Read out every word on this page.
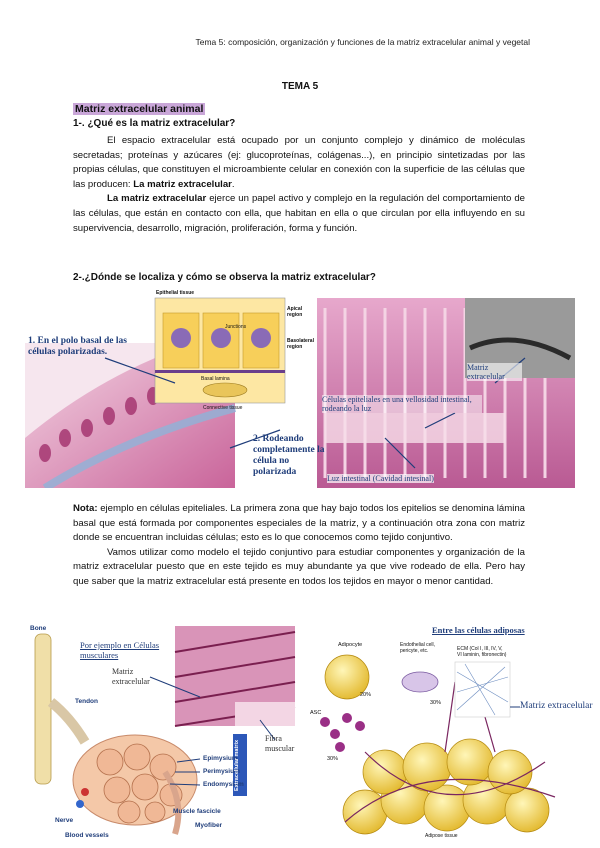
Tema 5: composición, organización y funciones de la matriz extracelular animal y vegetal
TEMA 5
Matriz extracelular animal
1-. ¿Qué es la matriz extracelular?

El espacio extracelular está ocupado por un conjunto complejo y dinámico de moléculas secretadas; proteínas y azúcares (ej: glucoproteínas, colágenas...), en principio sintetizadas por las propias células, que constituyen el microambiente celular en conexión con la superficie de las células que las producen: La matriz extracelular.

La matriz extracelular ejerce un papel activo y complejo en la regulación del comportamiento de las células, que están en contacto con ella, que habitan en ella o que circulan por ella influyendo en su supervivencia, desarrollo, migración, proliferación, forma y función.

2-.¿Dónde se localiza y cómo se observa la matriz extracelular?
1. En el polo basal de las células polarizadas.
2. Rodeando completamente la célula no polarizada
Epithelial tissue
Apical region
Junctions
Basolateral region
Basal lamina
Connective tissue
Matriz extracelular
Células epiteliales en una vellosidad intestinal, rodeando la luz
Luz intestinal (Cavidad intesinal)

Nota: ejemplo en células epiteliales. La primera zona que hay bajo todos los epitelios se denomina lámina basal que está formada por componentes especiales de la matriz, y a continuación otra zona con matriz donde se encuentran incluidas células; esto es lo que conocemos como tejido conjuntivo.

Vamos utilizar como modelo el tejido conjuntivo para estudiar componentes y organización de la matriz extracelular puesto que en este tejido es muy abundante ya que vive rodeado de ella. Pero hay que saber que la matriz extracelular está presente en todos los tejidos en mayor o menor cantidad.

Bone
Tendon
Nerve
Blood vessels
Epimysium
Perimysium
Endomysium
Muscle fascicle
Myofiber
Extracellular matrix
Por ejemplo en Células musculares
Matriz extracelular
Fibra muscular
Entre las células adiposas
Adipocyte	Endothelial cell, pericyte, etc.	ECM (Col I, III, IV, V, VI laminin, fibronectin)
ASC
20%
30%
30%
Matriz extracelular
Adipose tissue
